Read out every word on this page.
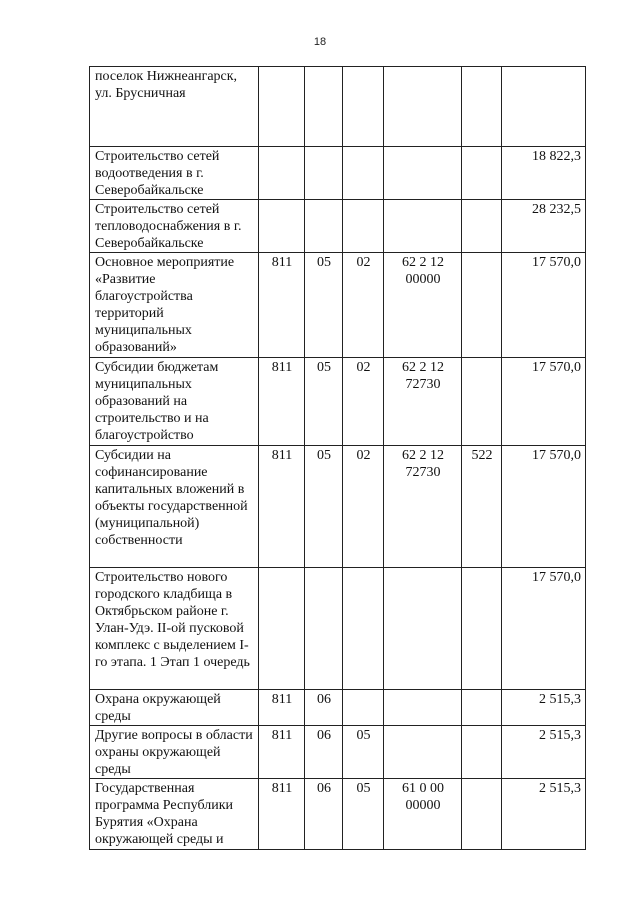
18
поселок Нижнеангарск, ул. Брусничная						
Строительство сетей водоотведения в г. Северобайкальске						18 822,3
Строительство сетей тепловодоснабжения в г. Северобайкальске						28 232,5
Основное мероприятие «Развитие благоустройства территорий муниципальных образований»	811	05	02	62 2 12 00000		17 570,0
Субсидии бюджетам муниципальных образований на строительство и на благоустройство	811	05	02	62 2 12 72730		17 570,0
Субсидии на софинансирование капитальных вложений в объекты государственной (муниципальной) собственности	811	05	02	62 2 12 72730	522	17 570,0
Строительство нового городского кладбища в Октябрьском районе г. Улан-Удэ. II-ой пусковой комплекс с выделением I-го этапа. 1 Этап 1 очередь						17 570,0
Охрана окружающей среды	811	06				2 515,3
Другие вопросы в области охраны окружающей среды	811	06	05			2 515,3
Государственная программа Республики Бурятия «Охрана окружающей среды и	811	06	05	61 0 00 00000		2 515,3
